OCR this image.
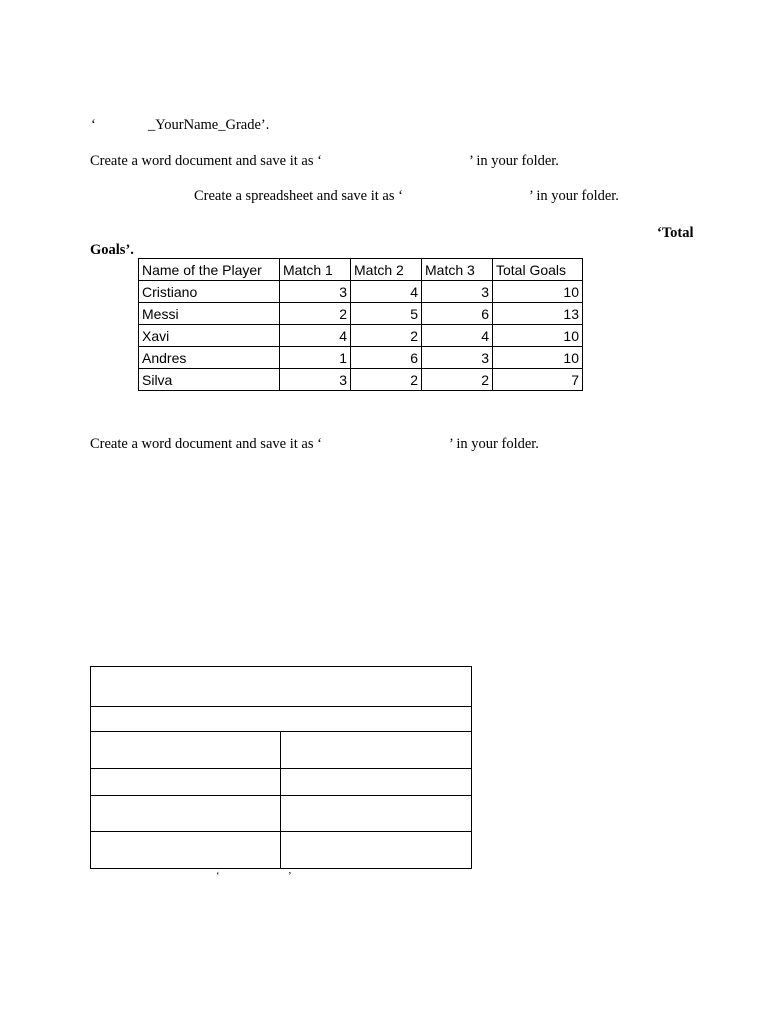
‘	_YourName_Grade’.
Create a word document and save it as ‘	’ in your folder.
Create a spreadsheet and save it as ‘	’ in your folder.
‘Total
Goals’.
Name of the Player	Match 1	Match 2	Match 3	Total Goals
Cristiano	3	4	3	10
Messi	2	5	6	13
Xavi	4	2	4	10
Andres	1	6	3	10
Silva	3	2	2	7
Create a word document and save it as ‘	’ in your folder.

‘	’
